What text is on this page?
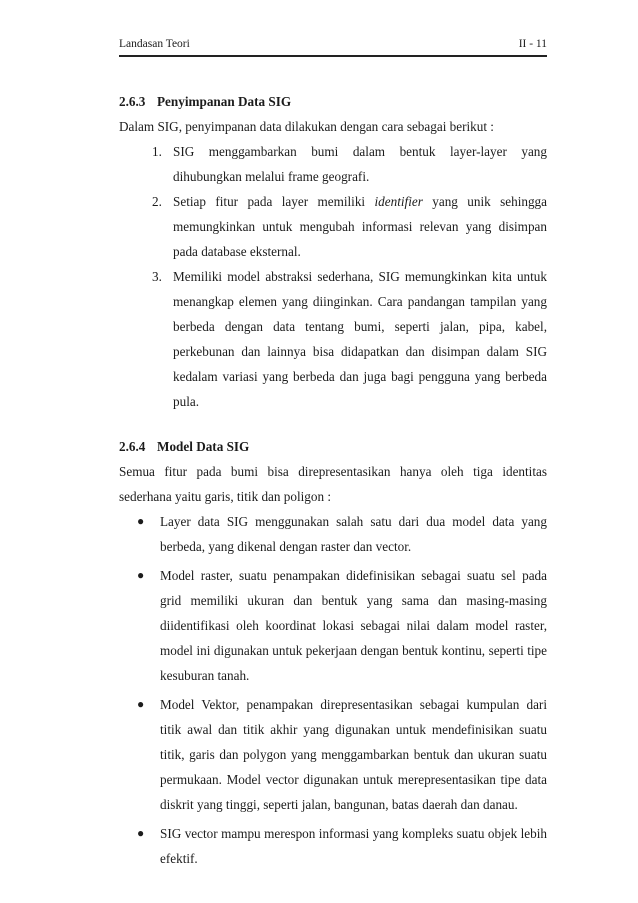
Landasan Teori	II - 11
2.6.3 Penyimpanan Data SIG

Dalam SIG, penyimpanan data dilakukan dengan cara sebagai berikut :

1. SIG menggambarkan bumi dalam bentuk layer-layer yang dihubungkan melalui frame geografi.
2. Setiap fitur pada layer memiliki identifier yang unik sehingga memungkinkan untuk mengubah informasi relevan yang disimpan pada database eksternal.
3. Memiliki model abstraksi sederhana, SIG memungkinkan kita untuk menangkap elemen yang diinginkan. Cara pandangan tampilan yang berbeda dengan data tentang bumi, seperti jalan, pipa, kabel, perkebunan dan lainnya bisa didapatkan dan disimpan dalam SIG kedalam variasi yang berbeda dan juga bagi pengguna yang berbeda pula.
2.6.4 Model Data SIG

Semua fitur pada bumi bisa direpresentasikan hanya oleh tiga identitas sederhana yaitu garis, titik dan poligon :

● Layer data SIG menggunakan salah satu dari dua model data yang berbeda, yang dikenal dengan raster dan vector.
● Model raster, suatu penampakan didefinisikan sebagai suatu sel pada grid memiliki ukuran dan bentuk yang sama dan masing-masing diidentifikasi oleh koordinat lokasi sebagai nilai dalam model raster, model ini digunakan untuk pekerjaan dengan bentuk kontinu, seperti tipe kesuburan tanah.
● Model Vektor, penampakan direpresentasikan sebagai kumpulan dari titik awal dan titik akhir yang digunakan untuk mendefinisikan suatu titik, garis dan polygon yang menggambarkan bentuk dan ukuran suatu permukaan. Model vector digunakan untuk merepresentasikan tipe data diskrit yang tinggi, seperti jalan, bangunan, batas daerah dan danau.
● SIG vector mampu merespon informasi yang kompleks suatu objek lebih efektif.
